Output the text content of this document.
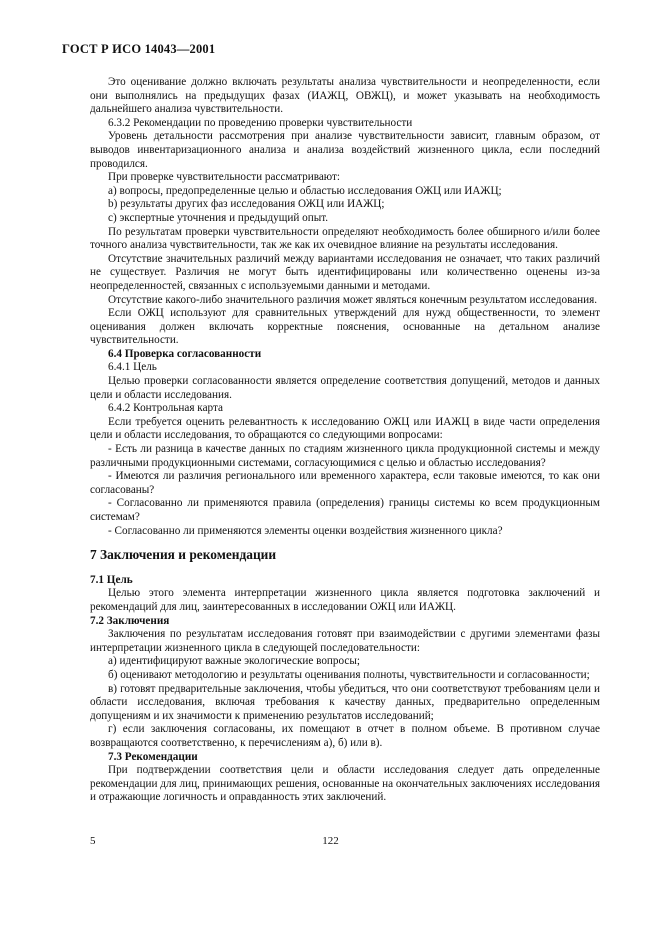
ГОСТ Р ИСО 14043—2001

Это оценивание должно включать результаты анализа чувствительности и неопределенности, если они выполнялись на предыдущих фазах (ИАЖЦ, ОВЖЦ), и может указывать на необходимость дальнейшего анализа чувствительности.

6.3.2 Рекомендации по проведению проверки чувствительности

Уровень детальности рассмотрения при анализе чувствительности зависит, главным образом, от выводов инвентаризационного анализа и анализа воздействий жизненного цикла, если последний проводился.

При проверке чувствительности рассматривают:

a) вопросы, предопределенные целью и областью исследования ОЖЦ или ИАЖЦ;

b) результаты других фаз исследования ОЖЦ или ИАЖЦ;

c) экспертные уточнения и предыдущий опыт.

По результатам проверки чувствительности определяют необходимость более обширного и/или более точного анализа чувствительности, так же как их очевидное влияние на результаты исследования.

Отсутствие значительных различий между вариантами исследования не означает, что таких различий не существует. Различия не могут быть идентифицированы или количественно оценены из-за неопределенностей, связанных с используемыми данными и методами.

Отсутствие какого-либо значительного различия может являться конечным результатом исследования.

Если ОЖЦ используют для сравнительных утверждений для нужд общественности, то элемент оценивания должен включать корректные пояснения, основанные на детальном анализе чувствительности.

6.4 Проверка согласованности

6.4.1 Цель

Целью проверки согласованности является определение соответствия допущений, методов и данных цели и области исследования.

6.4.2 Контрольная карта

Если требуется оценить релевантность к исследованию ОЖЦ или ИАЖЦ в виде части определения цели и области исследования, то обращаются со следующими вопросами:

- Есть ли разница в качестве данных по стадиям жизненного цикла продукционной системы и между различными продукционными системами, согласующимися с целью и областью исследования?

- Имеются ли различия регионального или временного характера, если таковые имеются, то как они согласованы?

- Согласованно ли применяются правила (определения) границы системы ко всем продукционным системам?

- Согласованно ли применяются элементы оценки воздействия жизненного цикла?

7 Заключения и рекомендации

7.1 Цель

Целью этого элемента интерпретации жизненного цикла является подготовка заключений и рекомендаций для лиц, заинтересованных в исследовании ОЖЦ или ИАЖЦ.

7.2 Заключения

Заключения по результатам исследования готовят при взаимодействии с другими элементами фазы интерпретации жизненного цикла в следующей последовательности:

а) идентифицируют важные экологические вопросы;

б) оценивают методологию и результаты оценивания полноты, чувствительности и согласованности;

в) готовят предварительные заключения, чтобы убедиться, что они соответствуют требованиям цели и области исследования, включая требования к качеству данных, предварительно определенным допущениям и их значимости к применению результатов исследований;

г) если заключения согласованы, их помещают в отчет в полном объеме. В противном случае возвращаются соответственно, к перечислениям а), б) или в).

7.3 Рекомендации

При подтверждении соответствия цели и области исследования следует дать определенные рекомендации для лиц, принимающих решения, основанные на окончательных заключениях исследования и отражающие логичность и оправданность этих заключений.

5	122
